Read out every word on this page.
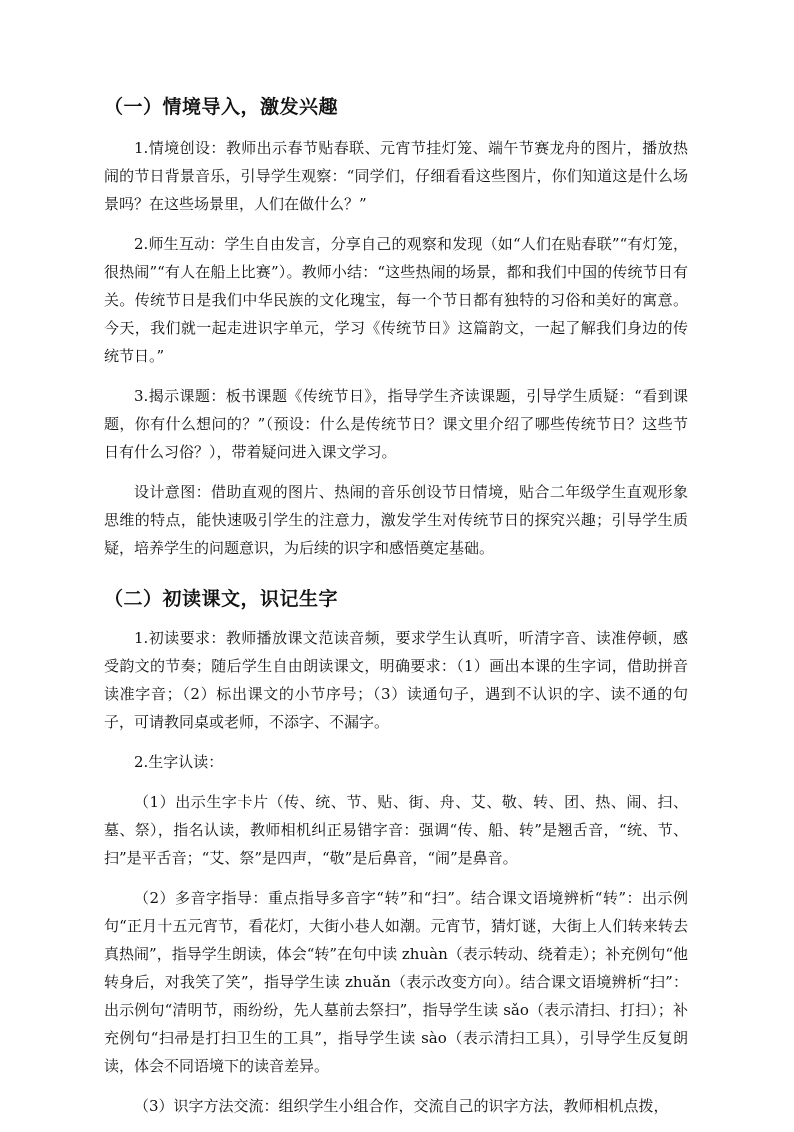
（一）情境导入，激发兴趣

1.情境创设：教师出示春节贴春联、元宵节挂灯笼、端午节赛龙舟的图片，播放热闹的节日背景音乐，引导学生观察：“同学们，仔细看看这些图片，你们知道这是什么场景吗？在这些场景里，人们在做什么？”

2.师生互动：学生自由发言，分享自己的观察和发现（如“人们在贴春联”“有灯笼，很热闹”“有人在船上比赛”）。教师小结：“这些热闹的场景，都和我们中国的传统节日有关。传统节日是我们中华民族的文化瑰宝，每一个节日都有独特的习俗和美好的寓意。今天，我们就一起走进识字单元，学习《传统节日》这篇韵文，一起了解我们身边的传统节日。”

3.揭示课题：板书课题《传统节日》，指导学生齐读课题，引导学生质疑：“看到课题，你有什么想问的？”（预设：什么是传统节日？课文里介绍了哪些传统节日？这些节日有什么习俗？），带着疑问进入课文学习。

设计意图：借助直观的图片、热闹的音乐创设节日情境，贴合二年级学生直观形象思维的特点，能快速吸引学生的注意力，激发学生对传统节日的探究兴趣；引导学生质疑，培养学生的问题意识，为后续的识字和感悟奠定基础。

（二）初读课文，识记生字

1.初读要求：教师播放课文范读音频，要求学生认真听，听清字音、读准停顿，感受韵文的节奏；随后学生自由朗读课文，明确要求：（1）画出本课的生字词，借助拼音读准字音；（2）标出课文的小节序号；（3）读通句子，遇到不认识的字、读不通的句子，可请教同桌或老师，不添字、不漏字。

2.生字认读：

（1）出示生字卡片（传、统、节、贴、街、舟、艾、敬、转、团、热、闹、扫、墓、祭），指名认读，教师相机纠正易错字音：强调“传、船、转”是翘舌音，“统、节、扫”是平舌音；“艾、祭”是四声，“敬”是后鼻音，“闹”是鼻音。

（2）多音字指导：重点指导多音字“转”和“扫”。结合课文语境辨析“转”：出示例句“正月十五元宵节，看花灯，大街小巷人如潮。元宵节，猜灯谜，大街上人们转来转去真热闹”，指导学生朗读，体会“转”在句中读 zhuàn（表示转动、绕着走）；补充例句“他转身后，对我笑了笑”，指导学生读 zhuǎn（表示改变方向）。结合课文语境辨析“扫”：出示例句“清明节，雨纷纷，先人墓前去祭扫”，指导学生读 sǎo（表示清扫、打扫）；补充例句“扫帚是打扫卫生的工具”，指导学生读 sào（表示清扫工具），引导学生反复朗读，体会不同语境下的读音差异。

（3）识字方法交流：组织学生小组合作，交流自己的识字方法，教师相机点拨，
